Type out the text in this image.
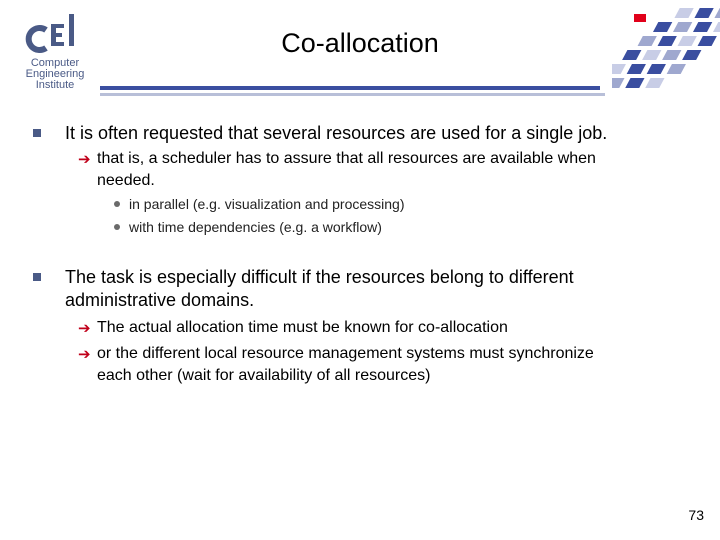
Computer
Engineering
Institute
Co-allocation
It is often requested that several resources are used for a single job.
➔ that is, a scheduler has to assure that all resources are available when
needed.
in parallel (e.g. visualization and processing)
with time dependencies (e.g. a workflow)
The task is especially difficult if the resources belong to different
administrative domains.
➔ The actual allocation time must be known for co-allocation
➔ or the different local resource management systems must synchronize
each other (wait for availability of all resources)
73
